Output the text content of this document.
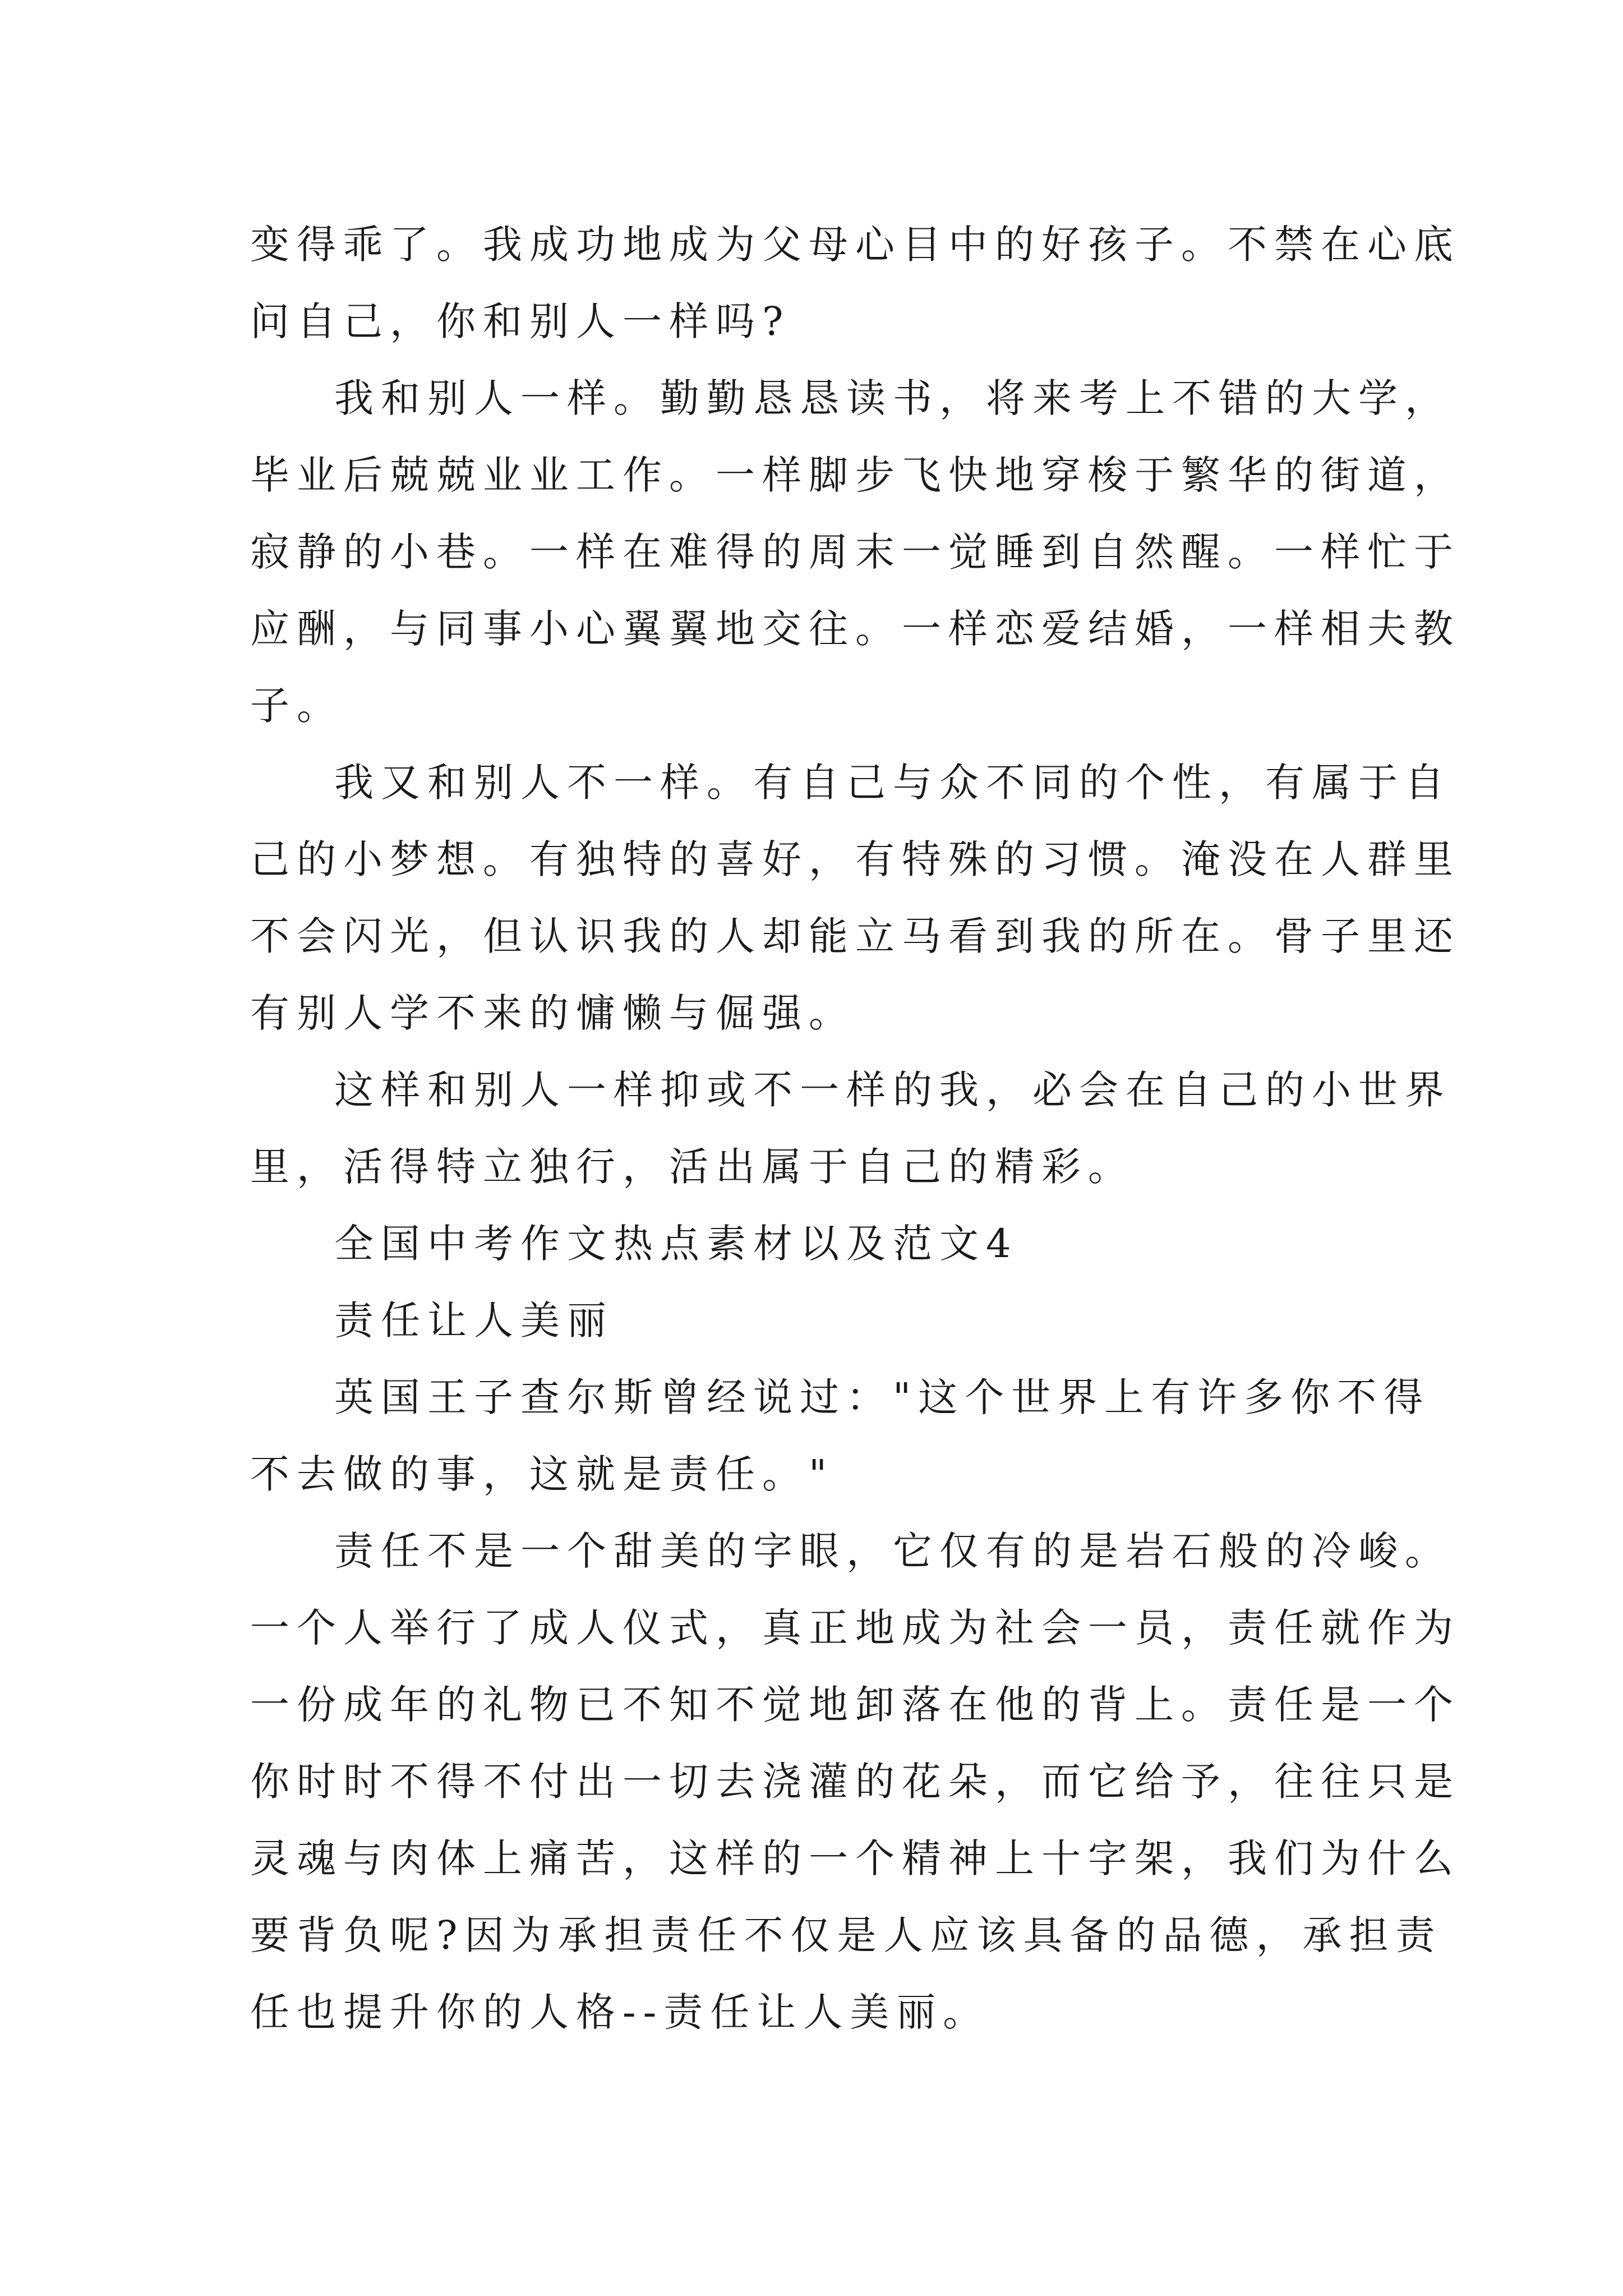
变得乖了。我成功地成为父母心目中的好孩子。不禁在心底
问自己，你和别人一样吗?
我和别人一样。勤勤恳恳读书，将来考上不错的大学，
毕业后兢兢业业工作。一样脚步飞快地穿梭于繁华的街道，
寂静的小巷。一样在难得的周末一觉睡到自然醒。一样忙于
应酬，与同事小心翼翼地交往。一样恋爱结婚，一样相夫教
子。
我又和别人不一样。有自己与众不同的个性，有属于自
己的小梦想。有独特的喜好，有特殊的习惯。淹没在人群里
不会闪光，但认识我的人却能立马看到我的所在。骨子里还
有别人学不来的慵懒与倔强。
这样和别人一样抑或不一样的我，必会在自己的小世界
里，活得特立独行，活出属于自己的精彩。
全国中考作文热点素材以及范文4
责任让人美丽
英国王子查尔斯曾经说过："这个世界上有许多你不得
不去做的事，这就是责任。"
责任不是一个甜美的字眼，它仅有的是岩石般的冷峻。
一个人举行了成人仪式，真正地成为社会一员，责任就作为
一份成年的礼物已不知不觉地卸落在他的背上。责任是一个
你时时不得不付出一切去浇灌的花朵，而它给予，往往只是
灵魂与肉体上痛苦，这样的一个精神上十字架，我们为什么
要背负呢?因为承担责任不仅是人应该具备的品德，承担责
任也提升你的人格--责任让人美丽。
